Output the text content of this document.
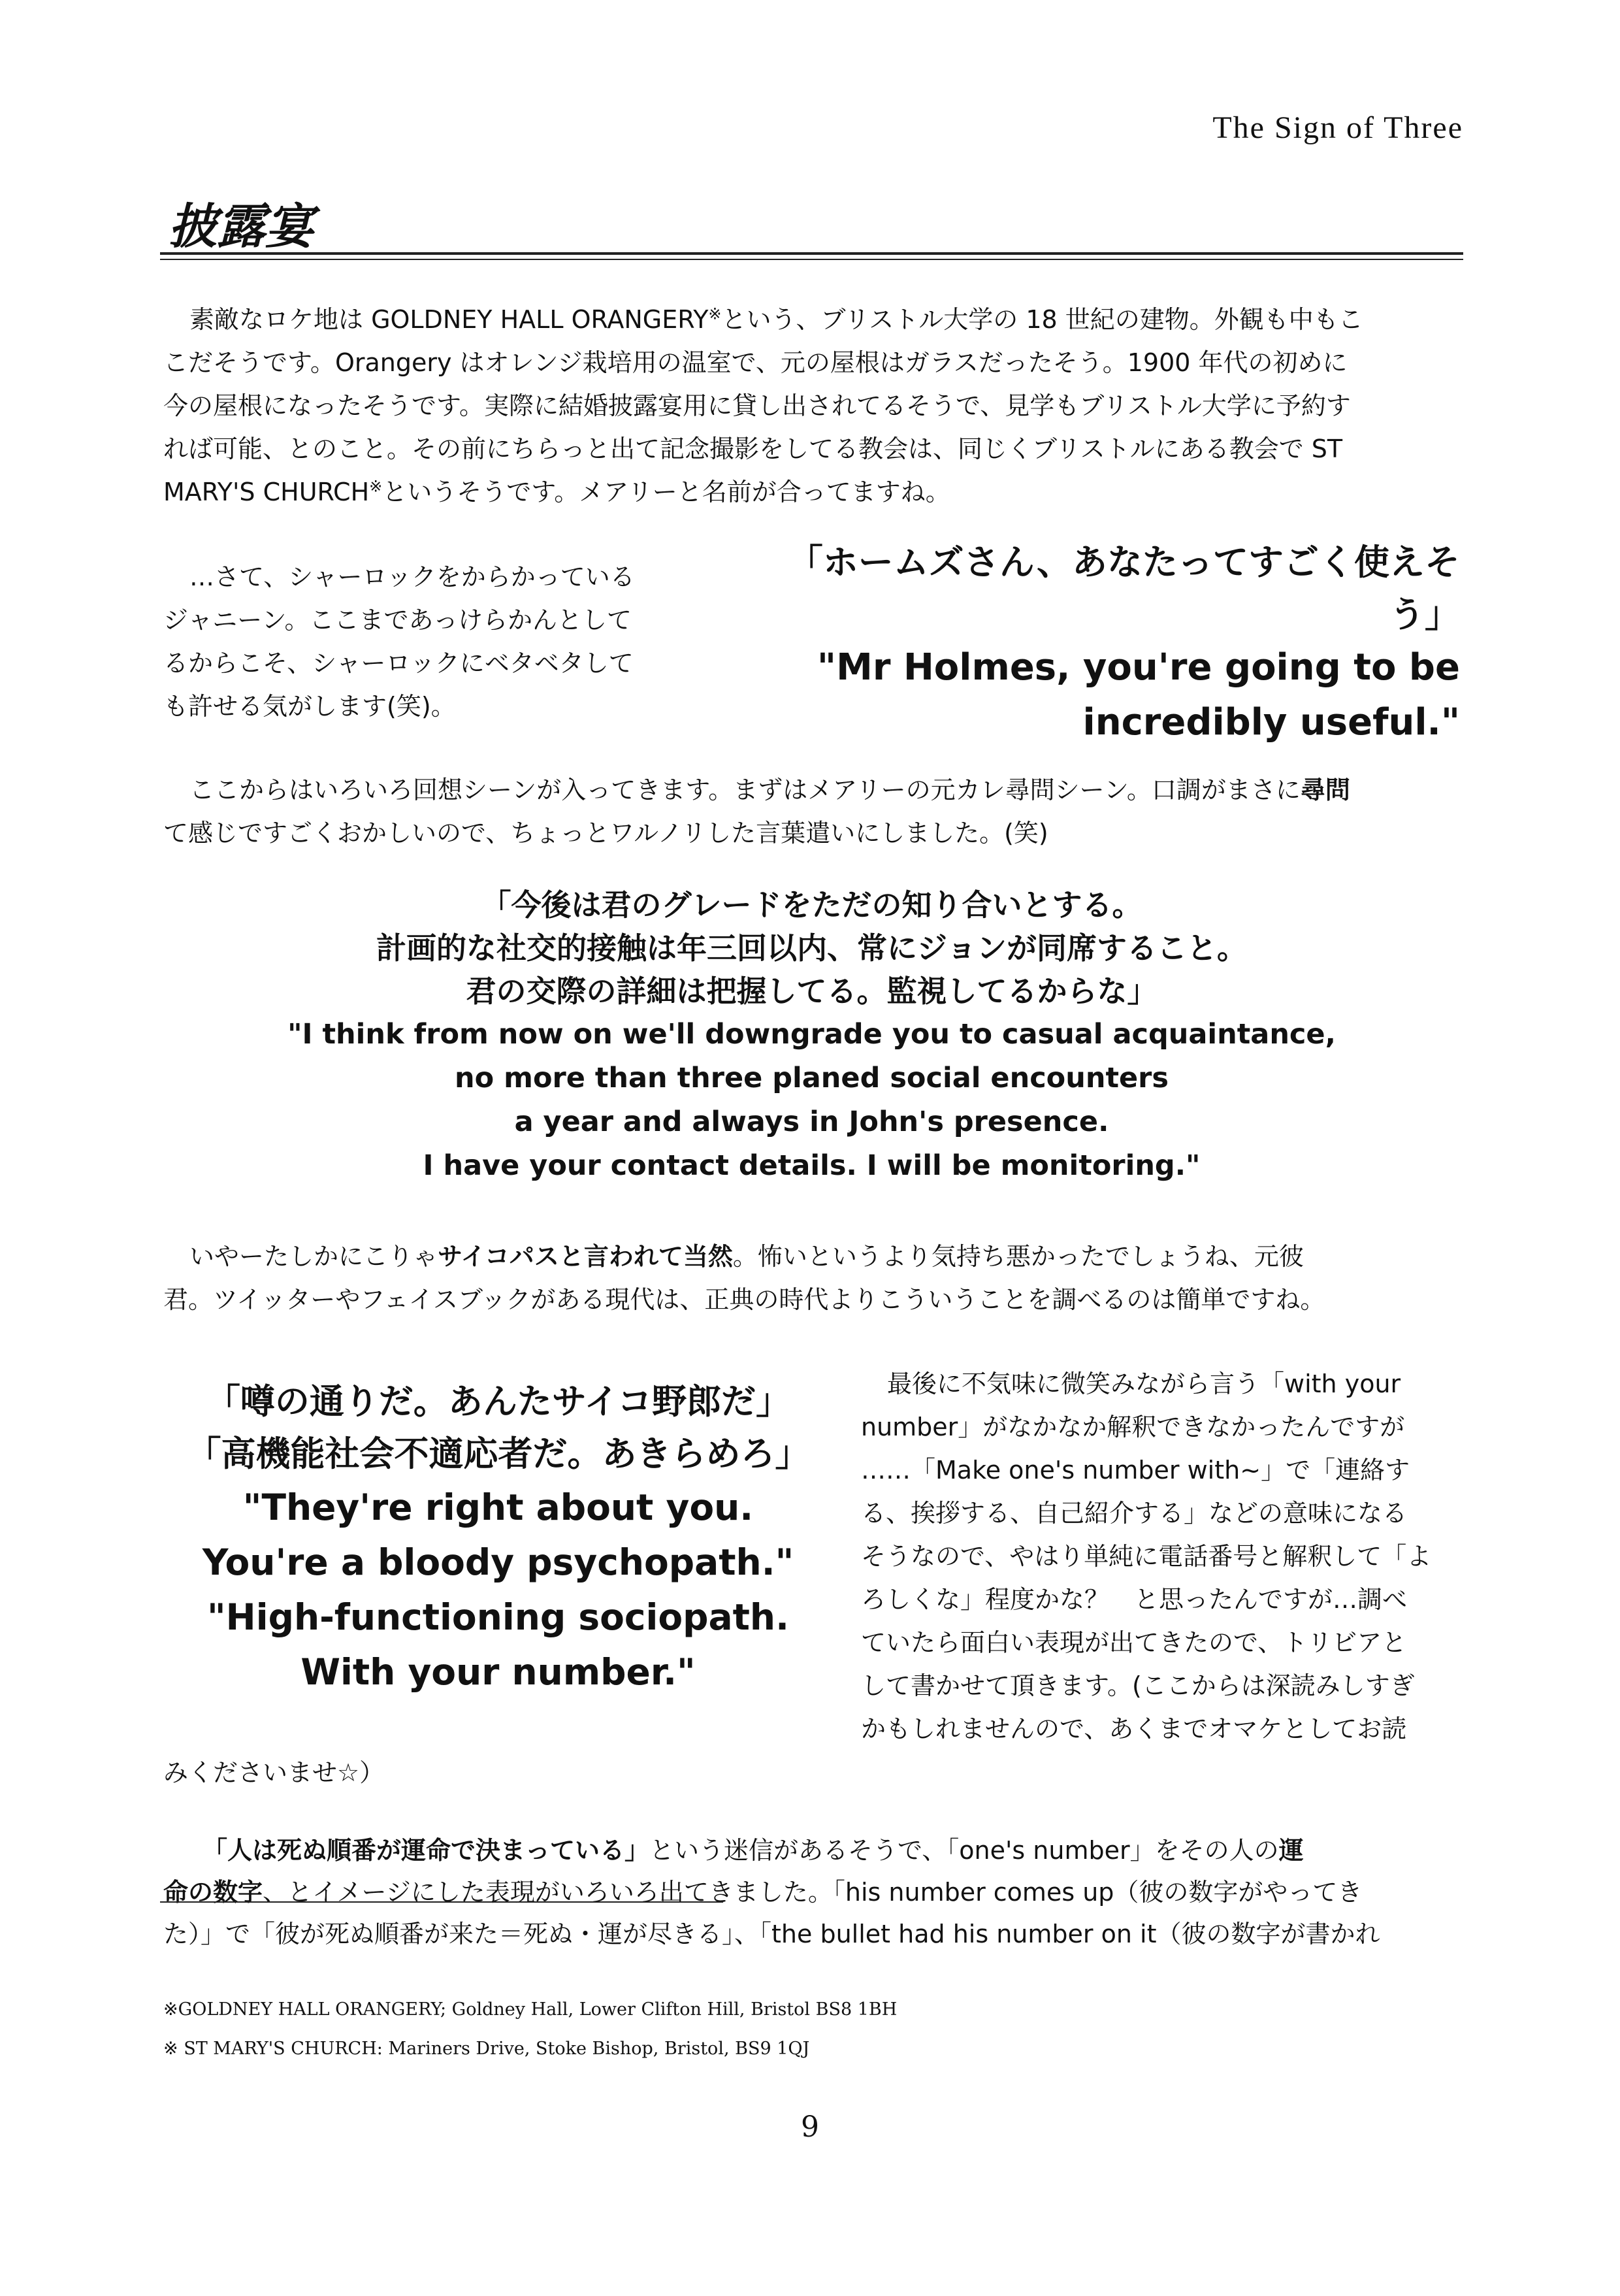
The Sign of Three
披露宴
素敵なロケ地は GOLDNEY HALL ORANGERY※という、ブリストル大学の 18 世紀の建物。外観も中もこ
こだそうです。Orangery はオレンジ栽培用の温室で、元の屋根はガラスだったそう。1900 年代の初めに
今の屋根になったそうです。実際に結婚披露宴用に貸し出されてるそうで、見学もブリストル大学に予約す
れば可能、とのこと。その前にちらっと出て記念撮影をしてる教会は、同じくブリストルにある教会で ST
MARY'S CHURCH※というそうです。メアリーと名前が合ってますね。
…さて、シャーロックをからかっている
ジャニーン。ここまであっけらかんとして
るからこそ、シャーロックにベタベタして
も許せる気がします(笑)。
「ホームズさん、あなたってすごく使えそう」
"Mr Holmes, you're going to be
incredibly useful."
ここからはいろいろ回想シーンが入ってきます。まずはメアリーの元カレ尋問シーン。口調がまさに尋問
て感じですごくおかしいので、ちょっとワルノリした言葉遣いにしました。(笑)
「今後は君のグレードをただの知り合いとする。
計画的な社交的接触は年三回以内、常にジョンが同席すること。
君の交際の詳細は把握してる。監視してるからな」
"I think from now on we'll downgrade you to casual acquaintance,
no more than three planed social encounters
a year and always in John's presence.
I have your contact details. I will be monitoring."
いやーたしかにこりゃサイコパスと言われて当然。怖いというより気持ち悪かったでしょうね、元彼
君。ツイッターやフェイスブックがある現代は、正典の時代よりこういうことを調べるのは簡単ですね。
「噂の通りだ。あんたサイコ野郎だ」
「高機能社会不適応者だ。あきらめろ」
"They're right about you.
You're a bloody psychopath."
"High-functioning sociopath.
With your number."
最後に不気味に微笑みながら言う「with your
number」がなかなか解釈できなかったんですが
……「Make one's number with~」で「連絡す
る、挨拶する、自己紹介する」などの意味になる
そうなので、やはり単純に電話番号と解釈して「よ
ろしくな」程度かな？　と思ったんですが…調べ
ていたら面白い表現が出てきたので、トリビアと
して書かせて頂きます。(ここからは深読みしすぎ
かもしれませんので、あくまでオマケとしてお読
みくださいませ☆）
「人は死ぬ順番が運命で決まっている」という迷信があるそうで、「one's number」をその人の運
命の数字、とイメージにした表現がいろいろ出てきました。「his number comes up（彼の数字がやってき
た）」で「彼が死ぬ順番が来た＝死ぬ・運が尽きる」、「the bullet had his number on it（彼の数字が書かれ
※GOLDNEY HALL ORANGERY; Goldney Hall, Lower Clifton Hill, Bristol BS8 1BH
※ ST MARY'S CHURCH: Mariners Drive, Stoke Bishop, Bristol, BS9 1QJ
9
